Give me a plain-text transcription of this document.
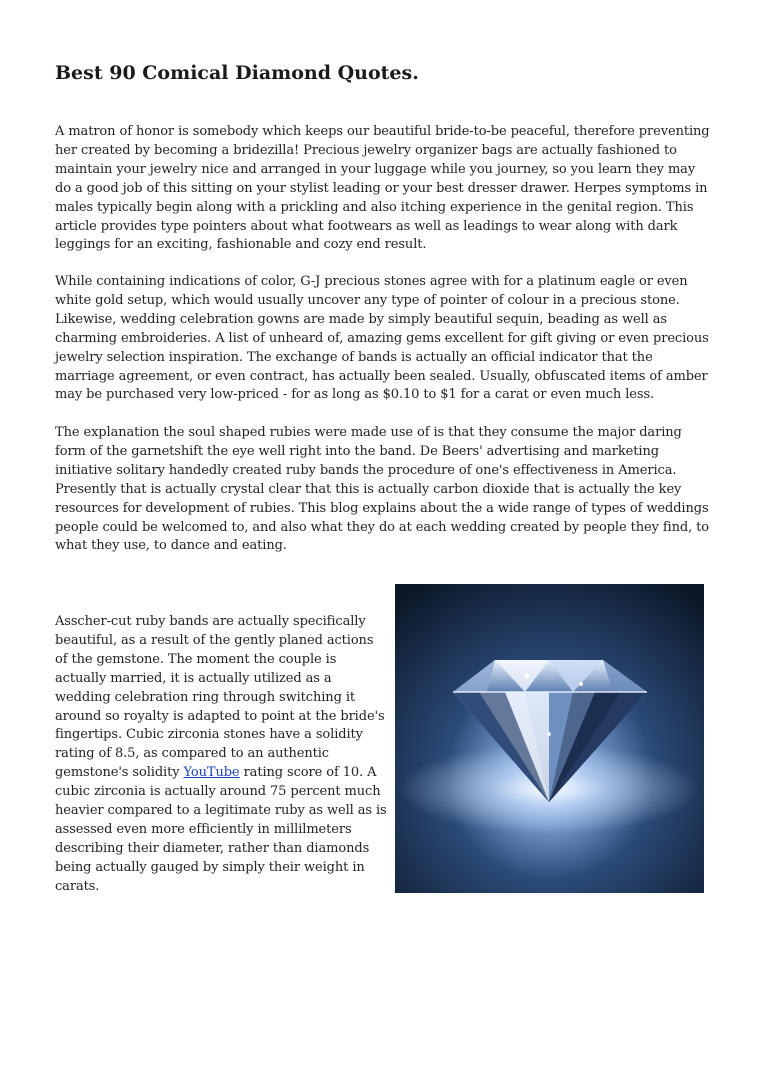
Best 90 Comical Diamond Quotes.

A matron of honor is somebody which keeps our beautiful bride-to-be peaceful, therefore preventing her created by becoming a bridezilla! Precious jewelry organizer bags are actually fashioned to maintain your jewelry nice and arranged in your luggage while you journey, so you learn they may do a good job of this sitting on your stylist leading or your best dresser drawer. Herpes symptoms in males typically begin along with a prickling and also itching experience in the genital region. This article provides type pointers about what footwears as well as leadings to wear along with dark leggings for an exciting, fashionable and cozy end result.

While containing indications of color, G-J precious stones agree with for a platinum eagle or even white gold setup, which would usually uncover any type of pointer of colour in a precious stone. Likewise, wedding celebration gowns are made by simply beautiful sequin, beading as well as charming embroideries. A list of unheard of, amazing gems excellent for gift giving or even precious jewelry selection inspiration. The exchange of bands is actually an official indicator that the marriage agreement, or even contract, has actually been sealed. Usually, obfuscated items of amber may be purchased very low-priced - for as long as $0.10 to $1 for a carat or even much less.

The explanation the soul shaped rubies were made use of is that they consume the major daring form of the garnetshift the eye well right into the band. De Beers' advertising and marketing initiative solitary handedly created ruby bands the procedure of one's effectiveness in America. Presently that is actually crystal clear that this is actually carbon dioxide that is actually the key resources for development of rubies. This blog explains about the a wide range of types of weddings people could be welcomed to, and also what they do at each wedding created by people they find, to what they use, to dance and eating.

Asscher-cut ruby bands are actually specifically beautiful, as a result of the gently planed actions of the gemstone. The moment the couple is actually married, it is actually utilized as a wedding celebration ring through switching it around so royalty is adapted to point at the bride's fingertips. Cubic zirconia stones have a solidity rating of 8.5, as compared to an authentic gemstone's solidity YouTube rating score of 10. A cubic zirconia is actually around 75 percent much heavier compared to a legitimate ruby as well as is assessed even more efficiently in millilmeters describing their diameter, rather than diamonds being actually gauged by simply their weight in carats.
